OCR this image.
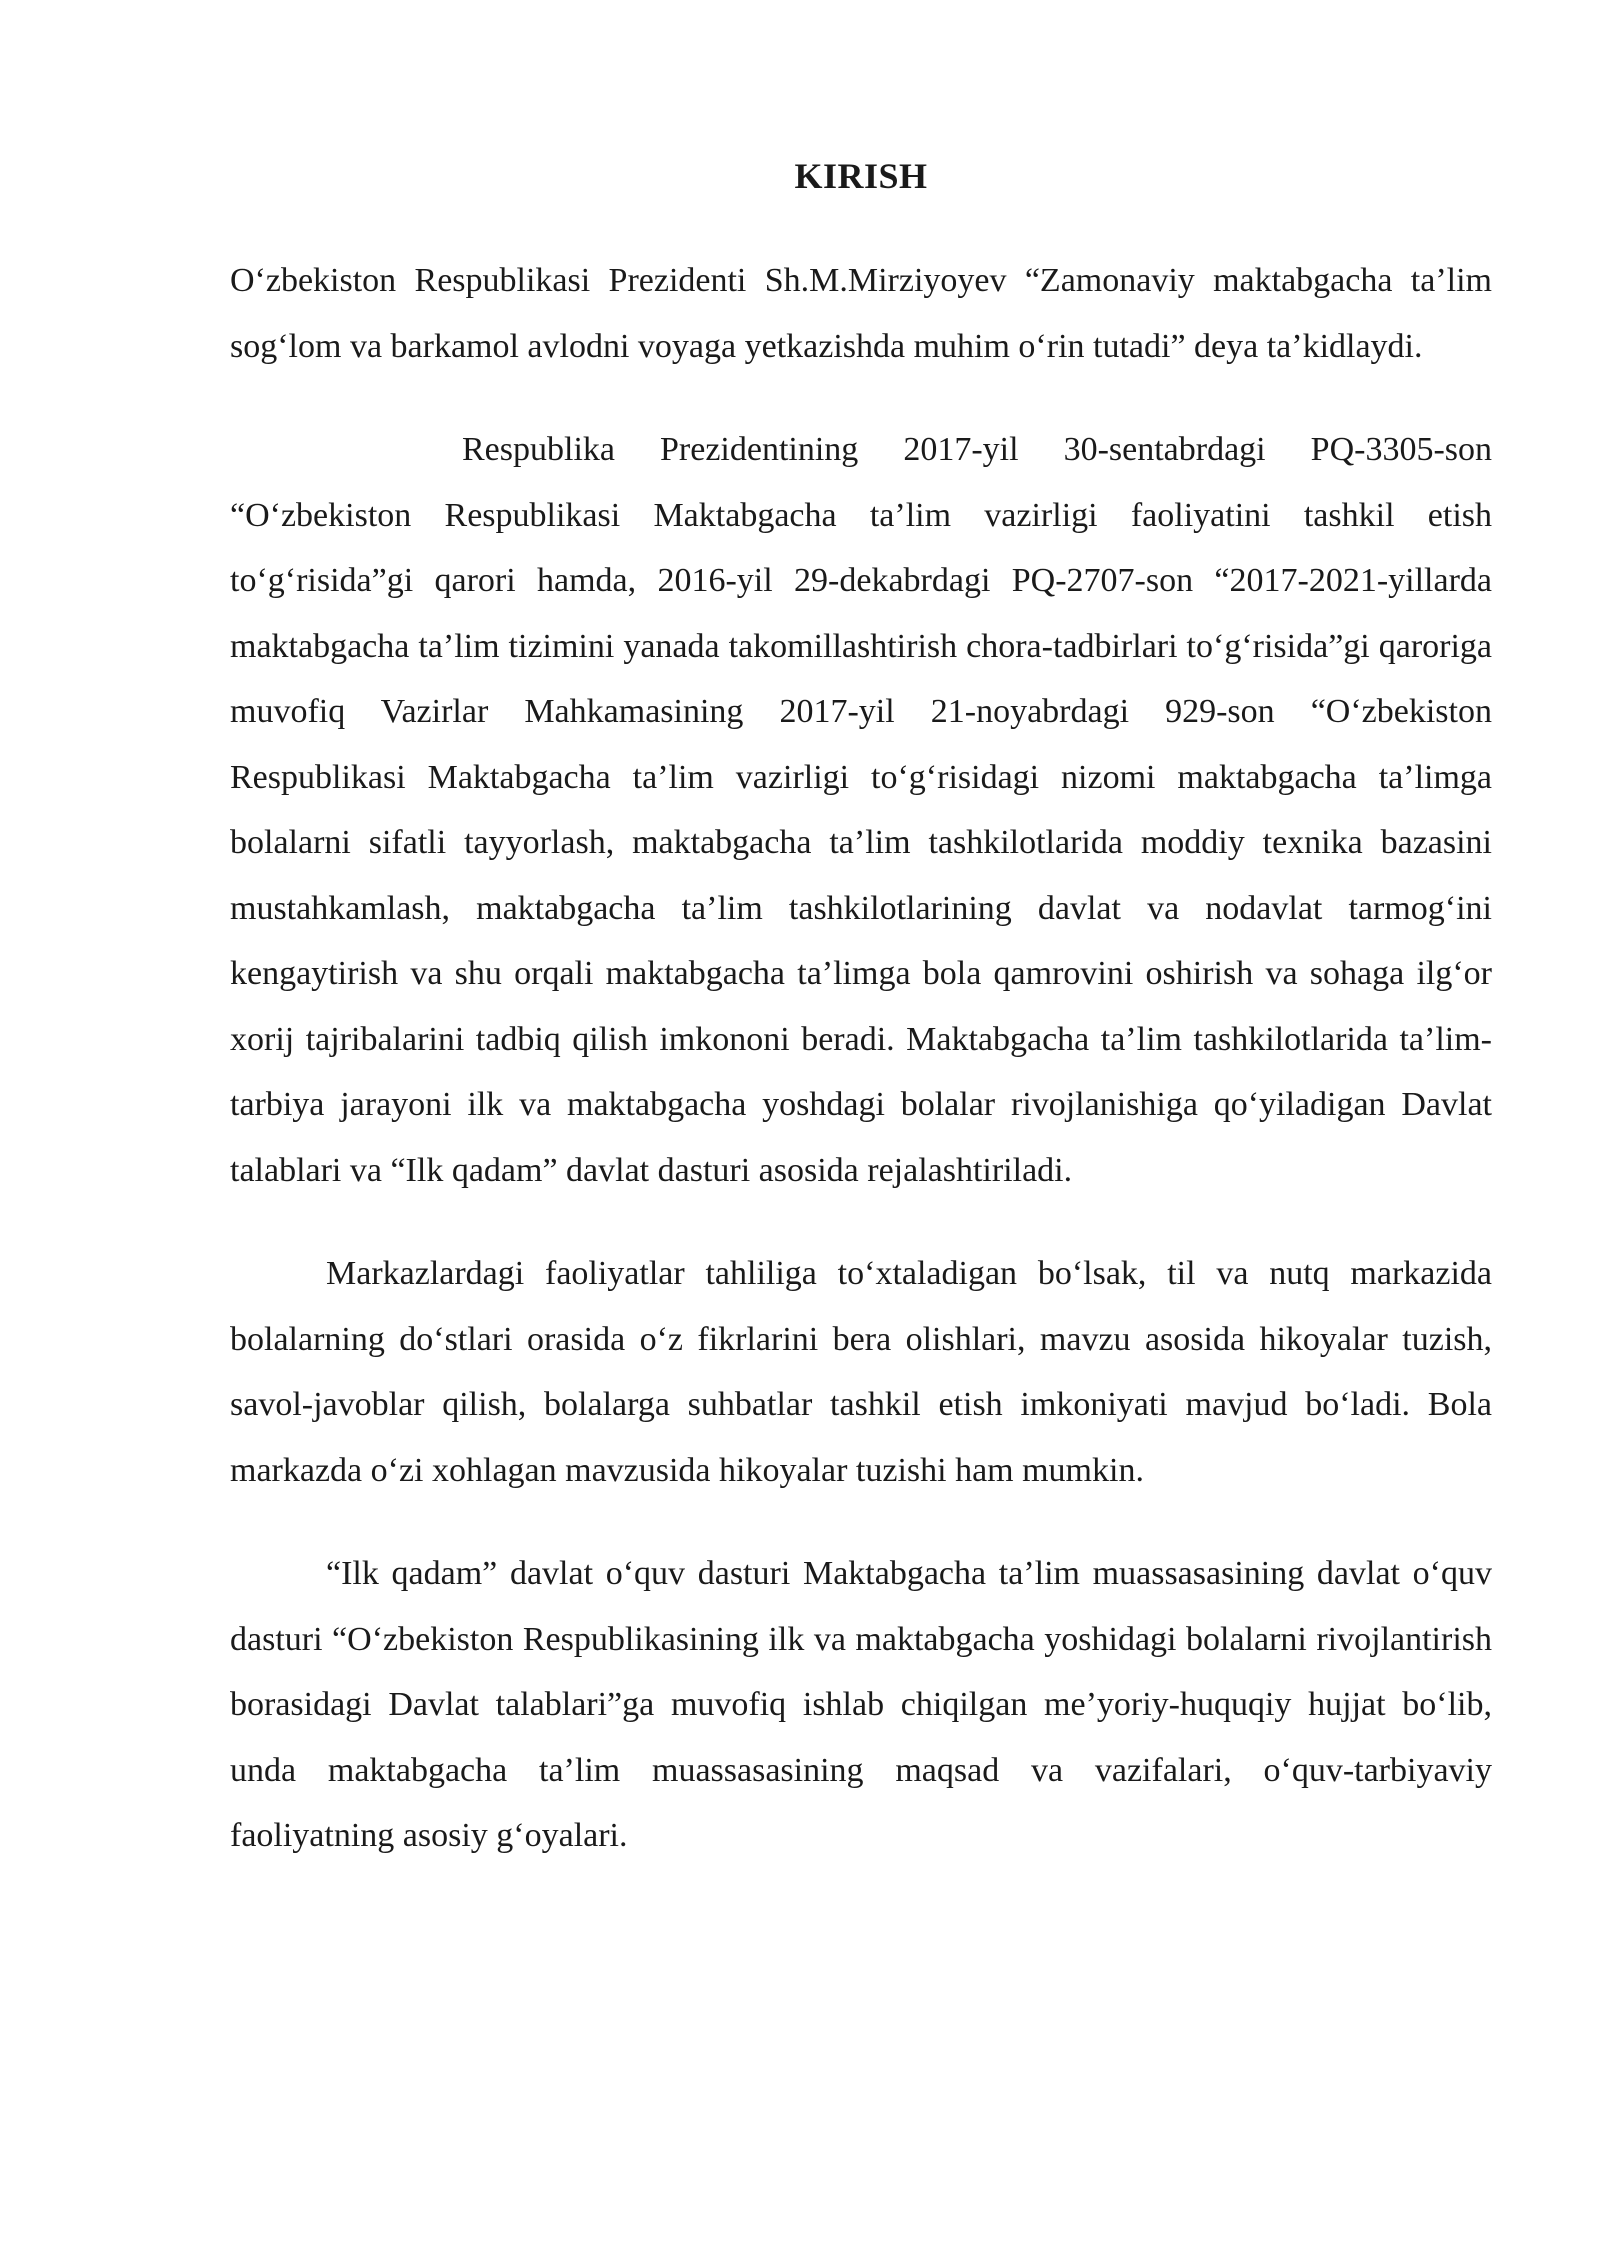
KIRISH

O‘zbekiston Respublikasi Prezidenti Sh.M.Mirziyoyev “Zamonaviy maktabgacha ta’lim sog‘lom va barkamol avlodni voyaga yetkazishda muhim o‘rin tutadi” deya ta’kidlaydi.

Respublika Prezidentining 2017-yil 30-sentabrdagi PQ-3305-son “O‘zbekiston Respublikasi Maktabgacha ta’lim vazirligi faoliyatini tashkil etish to‘g‘risida”gi qarori hamda, 2016-yil 29-dekabrdagi PQ-2707-son “2017-2021-yillarda maktabgacha ta’lim tizimini yanada takomillashtirish chora-tadbirlari to‘g‘risida”gi qaroriga muvofiq Vazirlar Mahkamasining 2017-yil 21-noyabrdagi 929-son “O‘zbekiston Respublikasi Maktabgacha ta’lim vazirligi to‘g‘risidagi nizomi maktabgacha ta’limga bolalarni sifatli tayyorlash, maktabgacha ta’lim tashkilotlarida moddiy texnika bazasini mustahkamlash, maktabgacha ta’lim tashkilotlarining davlat va nodavlat tarmog‘ini kengaytirish va shu orqali maktabgacha ta’limga bola qamrovini oshirish va sohaga ilg‘or xorij tajribalarini tadbiq qilish imkononi beradi. Maktabgacha ta’lim tashkilotlarida ta’lim-tarbiya jarayoni ilk va maktabgacha yoshdagi bolalar rivojlanishiga qo‘yiladigan Davlat talablari va “Ilk qadam” davlat dasturi asosida rejalashtiriladi.

Markazlardagi faoliyatlar tahliliga to‘xtaladigan bo‘lsak, til va nutq markazida bolalarning do‘stlari orasida o‘z fikrlarini bera olishlari, mavzu asosida hikoyalar tuzish, savol-javoblar qilish, bolalarga suhbatlar tashkil etish imkoniyati mavjud bo‘ladi. Bola markazda o‘zi xohlagan mavzusida hikoyalar tuzishi ham mumkin.

“Ilk qadam” davlat o‘quv dasturi Maktabgacha ta’lim muassasasining davlat o‘quv dasturi “O‘zbekiston Respublikasining ilk va maktabgacha yoshidagi bolalarni rivojlantirish borasidagi Davlat talablari”ga muvofiq ishlab chiqilgan me’yoriy-huquqiy hujjat bo‘lib, unda maktabgacha ta’lim muassasasining maqsad va vazifalari, o‘quv-tarbiyaviy faoliyatning asosiy g‘oyalari.
